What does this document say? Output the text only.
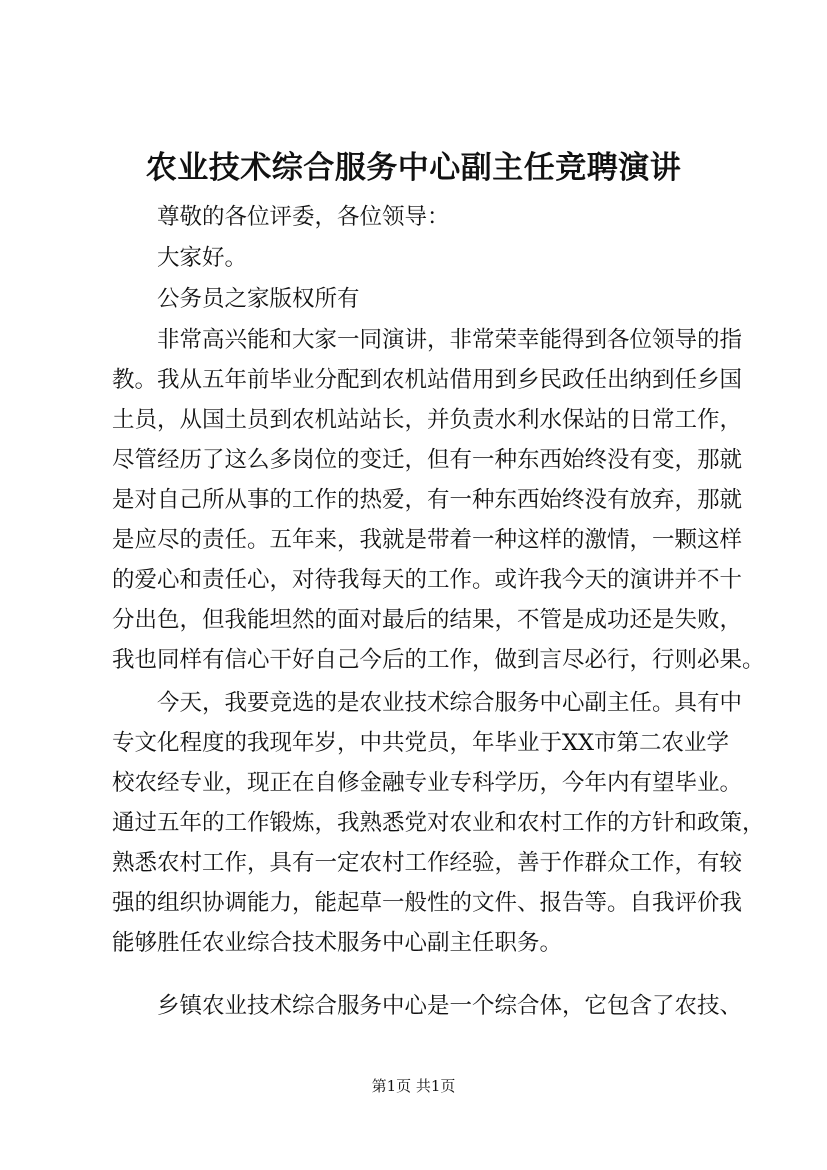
农业技术综合服务中心副主任竞聘演讲
尊敬的各位评委，各位领导：
大家好。
公务员之家版权所有
非常高兴能和大家一同演讲，非常荣幸能得到各位领导的指
教。我从五年前毕业分配到农机站借用到乡民政任出纳到任乡国
土员，从国土员到农机站站长，并负责水利水保站的日常工作，
尽管经历了这么多岗位的变迁，但有一种东西始终没有变，那就
是对自己所从事的工作的热爱，有一种东西始终没有放弃，那就
是应尽的责任。五年来，我就是带着一种这样的激情，一颗这样
的爱心和责任心，对待我每天的工作。或许我今天的演讲并不十
分出色，但我能坦然的面对最后的结果，不管是成功还是失败，
我也同样有信心干好自己今后的工作，做到言尽必行，行则必果。
今天，我要竞选的是农业技术综合服务中心副主任。具有中
专文化程度的我现年岁，中共党员，年毕业于XX市第二农业学
校农经专业，现正在自修金融专业专科学历，今年内有望毕业。
通过五年的工作锻炼，我熟悉党对农业和农村工作的方针和政策，
熟悉农村工作，具有一定农村工作经验，善于作群众工作，有较
强的组织协调能力，能起草一般性的文件、报告等。自我评价我
能够胜任农业综合技术服务中心副主任职务。
乡镇农业技术综合服务中心是一个综合体，它包含了农技、
第1页 共1页
